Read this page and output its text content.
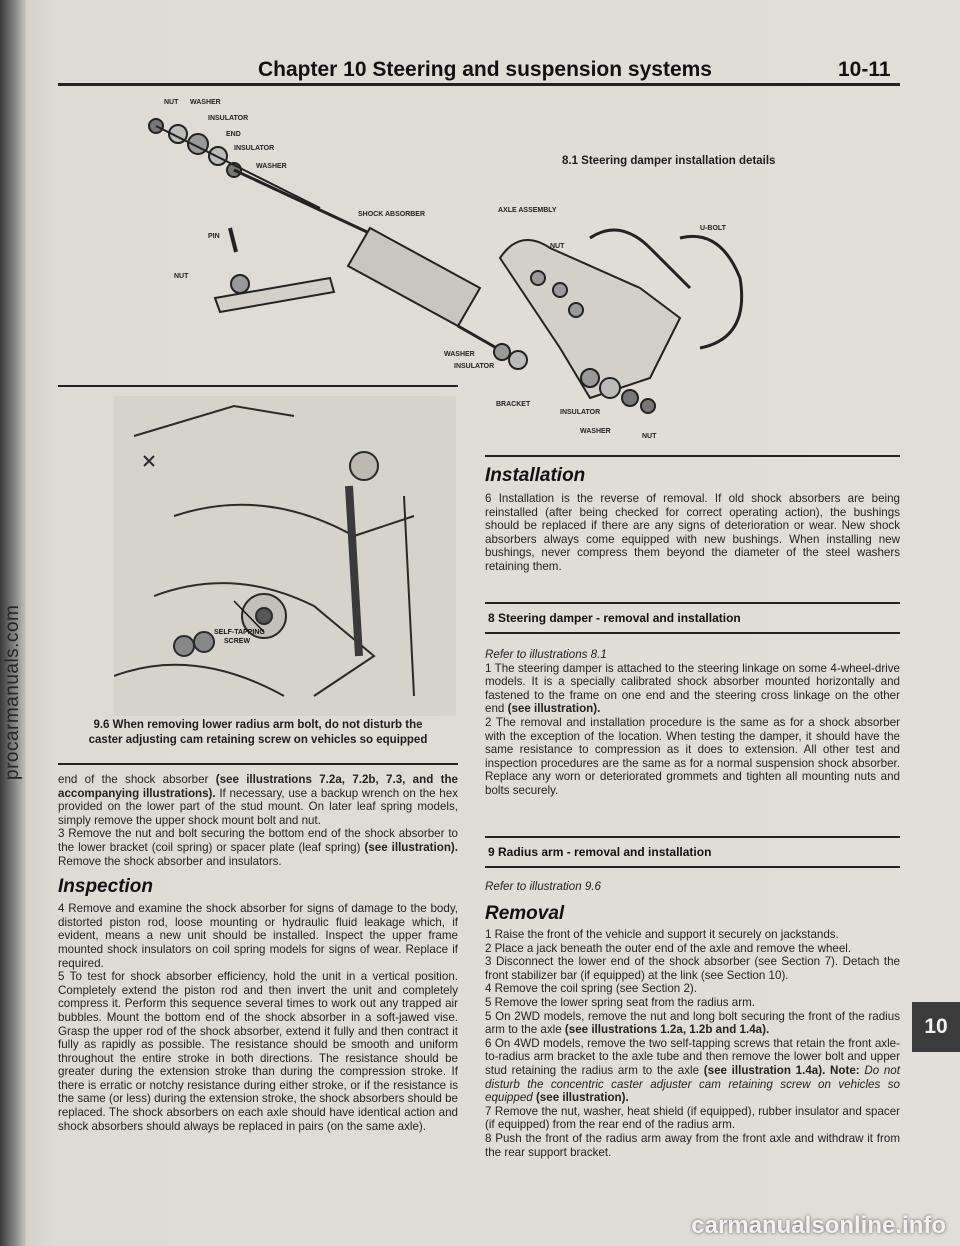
procarmanuals.com
Chapter 10 Steering and suspension systems	10-11
NUT WASHER
INSULATOR
END
INSULATOR
WASHER
SHOCK ABSORBER
PIN
NUT
AXLE ASSEMBLY
U-BOLT
NUT
WASHER
INSULATOR
BRACKET
INSULATOR
WASHER
NUT
8.1 Steering damper installation details
SELF-TAPPING
SCREW
9.6 When removing lower radius arm bolt, do not disturb the
caster adjusting cam retaining screw on vehicles so equipped

end of the shock absorber (see illustrations 7.2a, 7.2b, 7.3, and the accompanying illustrations). If necessary, use a backup wrench on the hex provided on the lower part of the stud mount. On later leaf spring models, simply remove the upper shock mount bolt and nut.

3 Remove the nut and bolt securing the bottom end of the shock absorber to the lower bracket (coil spring) or spacer plate (leaf spring) (see illustration). Remove the shock absorber and insulators.

Inspection

4 Remove and examine the shock absorber for signs of damage to the body, distorted piston rod, loose mounting or hydraulic fluid leakage which, if evident, means a new unit should be installed. Inspect the upper frame mounted shock insulators on coil spring models for signs of wear. Replace if required.

5 To test for shock absorber efficiency, hold the unit in a vertical position. Completely extend the piston rod and then invert the unit and completely compress it. Perform this sequence several times to work out any trapped air bubbles. Mount the bottom end of the shock absorber in a soft-jawed vise. Grasp the upper rod of the shock absorber, extend it fully and then contract it fully as rapidly as possible. The resistance should be smooth and uniform throughout the entire stroke in both directions. The resistance should be greater during the extension stroke than during the compression stroke. If there is erratic or notchy resistance during either stroke, or if the resistance is the same (or less) during the extension stroke, the shock absorbers should be replaced. The shock absorbers on each axle should have identical action and shock absorbers should always be replaced in pairs (on the same axle).

Installation

6 Installation is the reverse of removal. If old shock absorbers are being reinstalled (after being checked for correct operating action), the bushings should be replaced if there are any signs of deterioration or wear. New shock absorbers always come equipped with new bushings. When installing new bushings, never compress them beyond the diameter of the steel washers retaining them.

8 Steering damper - removal and installation

Refer to illustrations 8.1

1 The steering damper is attached to the steering linkage on some 4-wheel-drive models. It is a specially calibrated shock absorber mounted horizontally and fastened to the frame on one end and the steering cross linkage on the other end (see illustration).

2 The removal and installation procedure is the same as for a shock absorber with the exception of the location. When testing the damper, it should have the same resistance to compression as it does to extension. All other test and inspection procedures are the same as for a normal suspension shock absorber. Replace any worn or deteriorated grommets and tighten all mounting nuts and bolts securely.

9 Radius arm - removal and installation

Refer to illustration 9.6

Removal

1 Raise the front of the vehicle and support it securely on jackstands.

2 Place a jack beneath the outer end of the axle and remove the wheel.

3 Disconnect the lower end of the shock absorber (see Section 7). Detach the front stabilizer bar (if equipped) at the link (see Section 10).

4 Remove the coil spring (see Section 2).

5 Remove the lower spring seat from the radius arm.

5 On 2WD models, remove the nut and long bolt securing the front of the radius arm to the axle (see illustrations 1.2a, 1.2b and 1.4a).

6 On 4WD models, remove the two self-tapping screws that retain the front axle-to-radius arm bracket to the axle tube and then remove the lower bolt and upper stud retaining the radius arm to the axle (see illustration 1.4a). Note: Do not disturb the concentric caster adjuster cam retaining screw on vehicles so equipped (see illustration).

7 Remove the nut, washer, heat shield (if equipped), rubber insulator and spacer (if equipped) from the rear end of the radius arm.

8 Push the front of the radius arm away from the front axle and withdraw it from the rear support bracket.

10
carmanualsonline.info
